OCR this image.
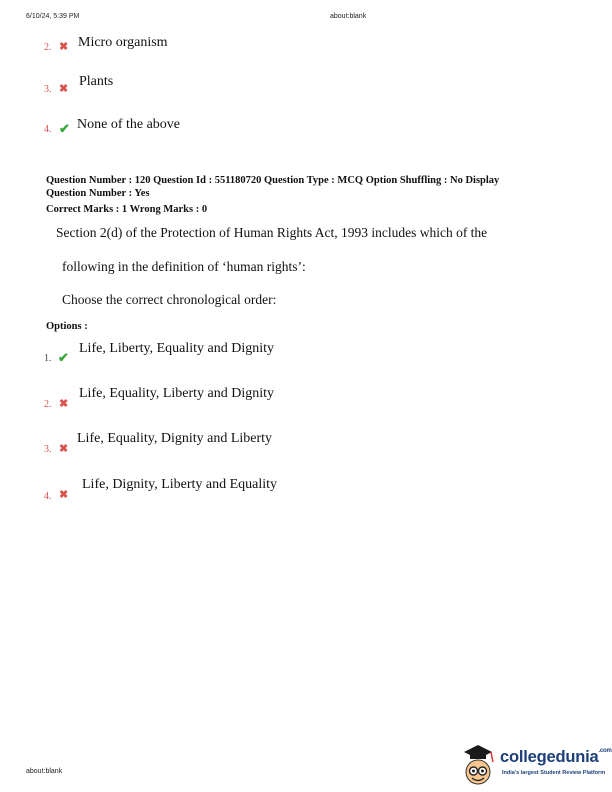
6/10/24, 5:39 PM	about:blank
2. ✖ Micro organism
3. ✖ Plants
4. ✔ None of the above
Question Number : 120 Question Id : 551180720 Question Type : MCQ Option Shuffling : No Display
Question Number : Yes
Correct Marks : 1 Wrong Marks : 0
Section 2(d) of the Protection of Human Rights Act, 1993 includes which of the
following in the definition of ‘human rights’:
Choose the correct chronological order:
Options :
1. ✔
Life, Liberty, Equality and Dignity
2. ✖
Life, Equality, Liberty and Dignity
3. ✖
Life, Equality, Dignity and Liberty
4. ✖
Life, Dignity, Liberty and Equality
about:blank
collegedunia$^{.com}$
India's largest Student Review Platform
